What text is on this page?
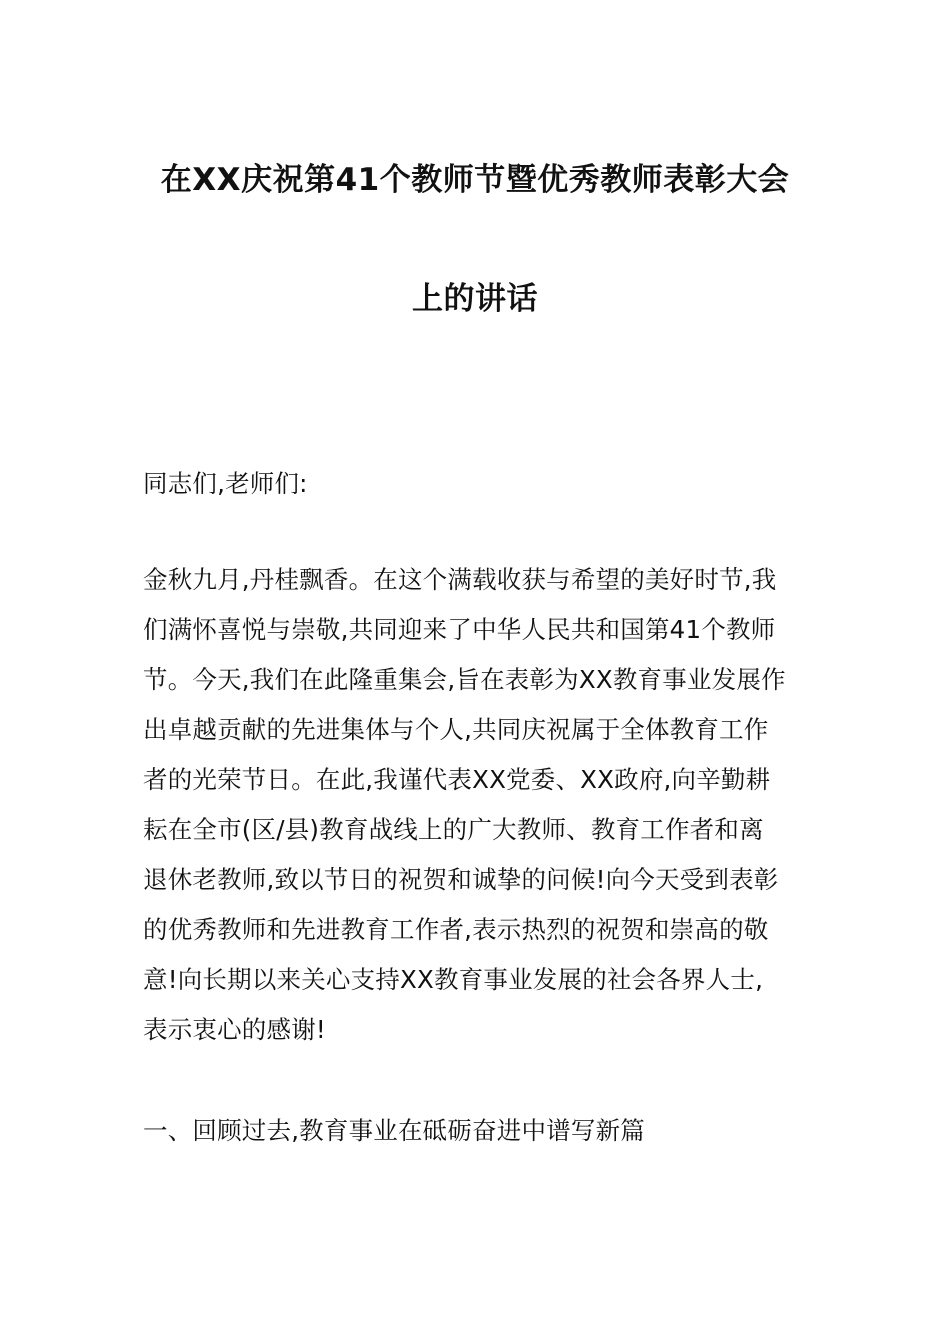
在XX庆祝第41个教师节暨优秀教师表彰大会
上的讲话
同志们,老师们:
金秋九月,丹桂飘香。在这个满载收获与希望的美好时节,我
们满怀喜悦与崇敬,共同迎来了中华人民共和国第41个教师
节。今天,我们在此隆重集会,旨在表彰为XX教育事业发展作
出卓越贡献的先进集体与个人,共同庆祝属于全体教育工作
者的光荣节日。在此,我谨代表XX党委、XX政府,向辛勤耕
耘在全市(区/县)教育战线上的广大教师、教育工作者和离
退休老教师,致以节日的祝贺和诚挚的问候!向今天受到表彰
的优秀教师和先进教育工作者,表示热烈的祝贺和崇高的敬
意!向长期以来关心支持XX教育事业发展的社会各界人士,
表示衷心的感谢!
一、回顾过去,教育事业在砥砺奋进中谱写新篇
